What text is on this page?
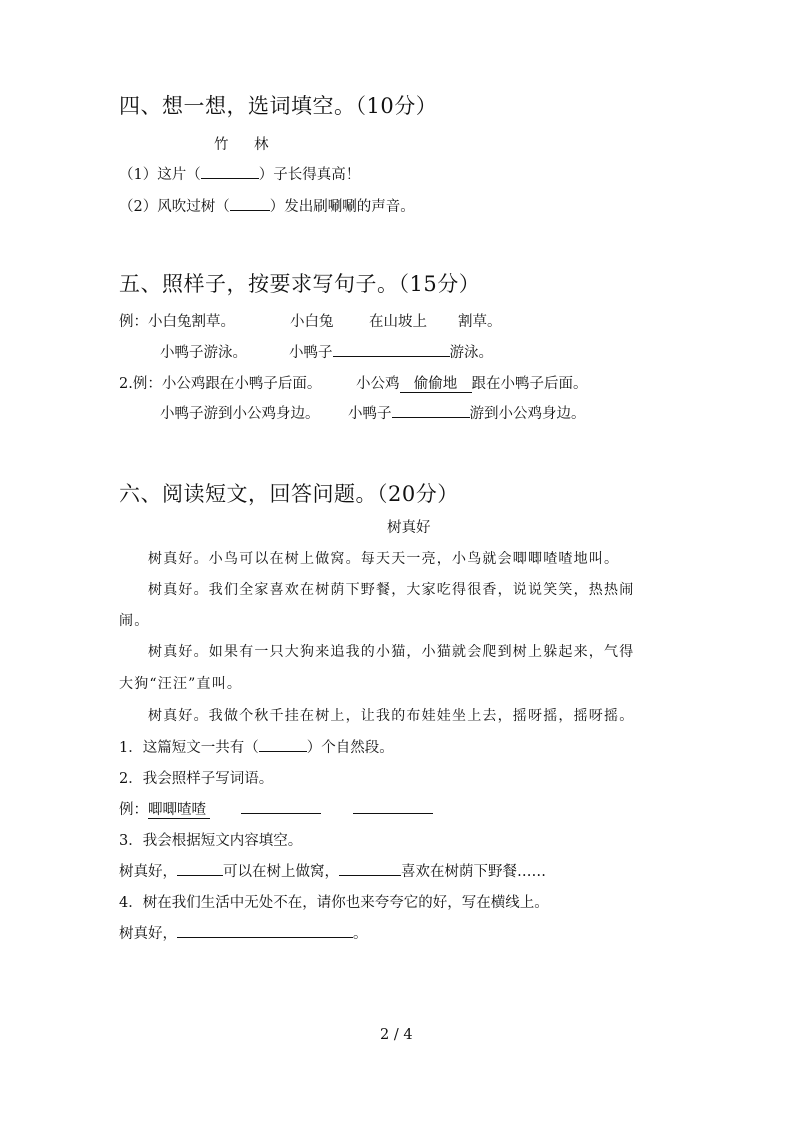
四、想一想，选词填空。（10分）
竹 林
（1）这片（	）子长得真高！
（2）风吹过树（	）发出刷唰唰的声音。
五、照样子，按要求写句子。（15分）
例：小白兔割草。	小白兔 在山坡上 割草。
小鸭子游泳。	小鸭子	游泳。
2.例：小公鸡跟在小鸭子后面。 小公鸡 偷偷地 跟在小鸭子后面。
小鸭子游到小公鸡身边。 小鸭子	游到小公鸡身边。
六、阅读短文，回答问题。（20分）
树真好
树真好。小鸟可以在树上做窝。每天天一亮，小鸟就会唧唧喳喳地叫。
树真好。我们全家喜欢在树荫下野餐，大家吃得很香，说说笑笑，热热闹
闹。
树真好。如果有一只大狗来追我的小猫，小猫就会爬到树上躲起来，气得
大狗“汪汪”直叫。
树真好。我做个秋千挂在树上，让我的布娃娃坐上去，摇呀摇，摇呀摇。
1．这篇短文一共有（	）个自然段。
2．我会照样子写词语。
例：唧唧喳喳
3．我会根据短文内容填空。
树真好，	可以在树上做窝，	喜欢在树荫下野餐……
4．树在我们生活中无处不在，请你也来夸夸它的好，写在横线上。
树真好，	。
2 / 4
